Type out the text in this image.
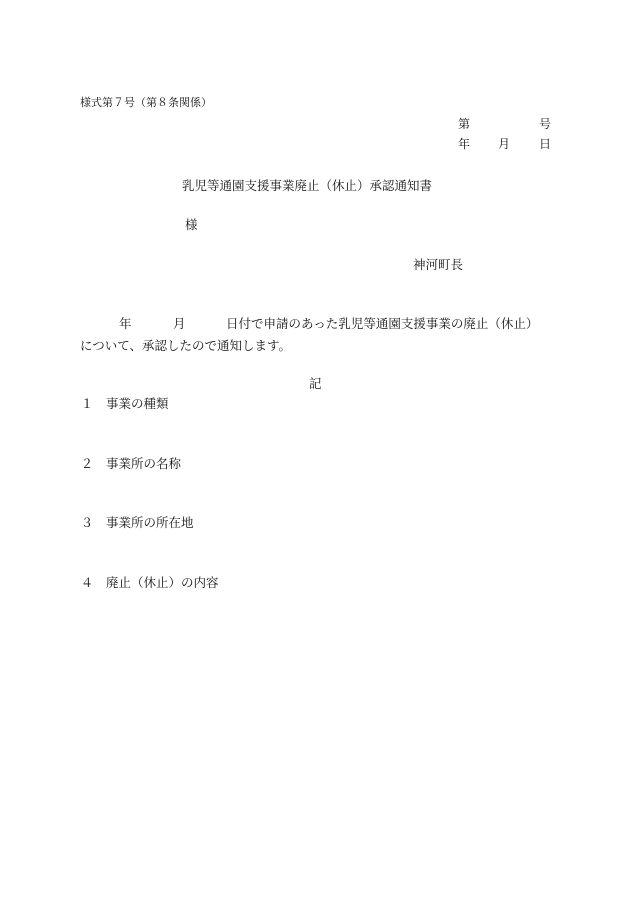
様式第７号（第８条関係）
第	号
年 月 日
乳児等通園支援事業廃止（休止）承認通知書
様
神河町長
年	月	日付で申請のあった乳児等通園支援事業の廃止（休止）
について、承認したので通知します。
記
１ 事業の種類
２ 事業所の名称
３ 事業所の所在地
４ 廃止（休止）の内容
